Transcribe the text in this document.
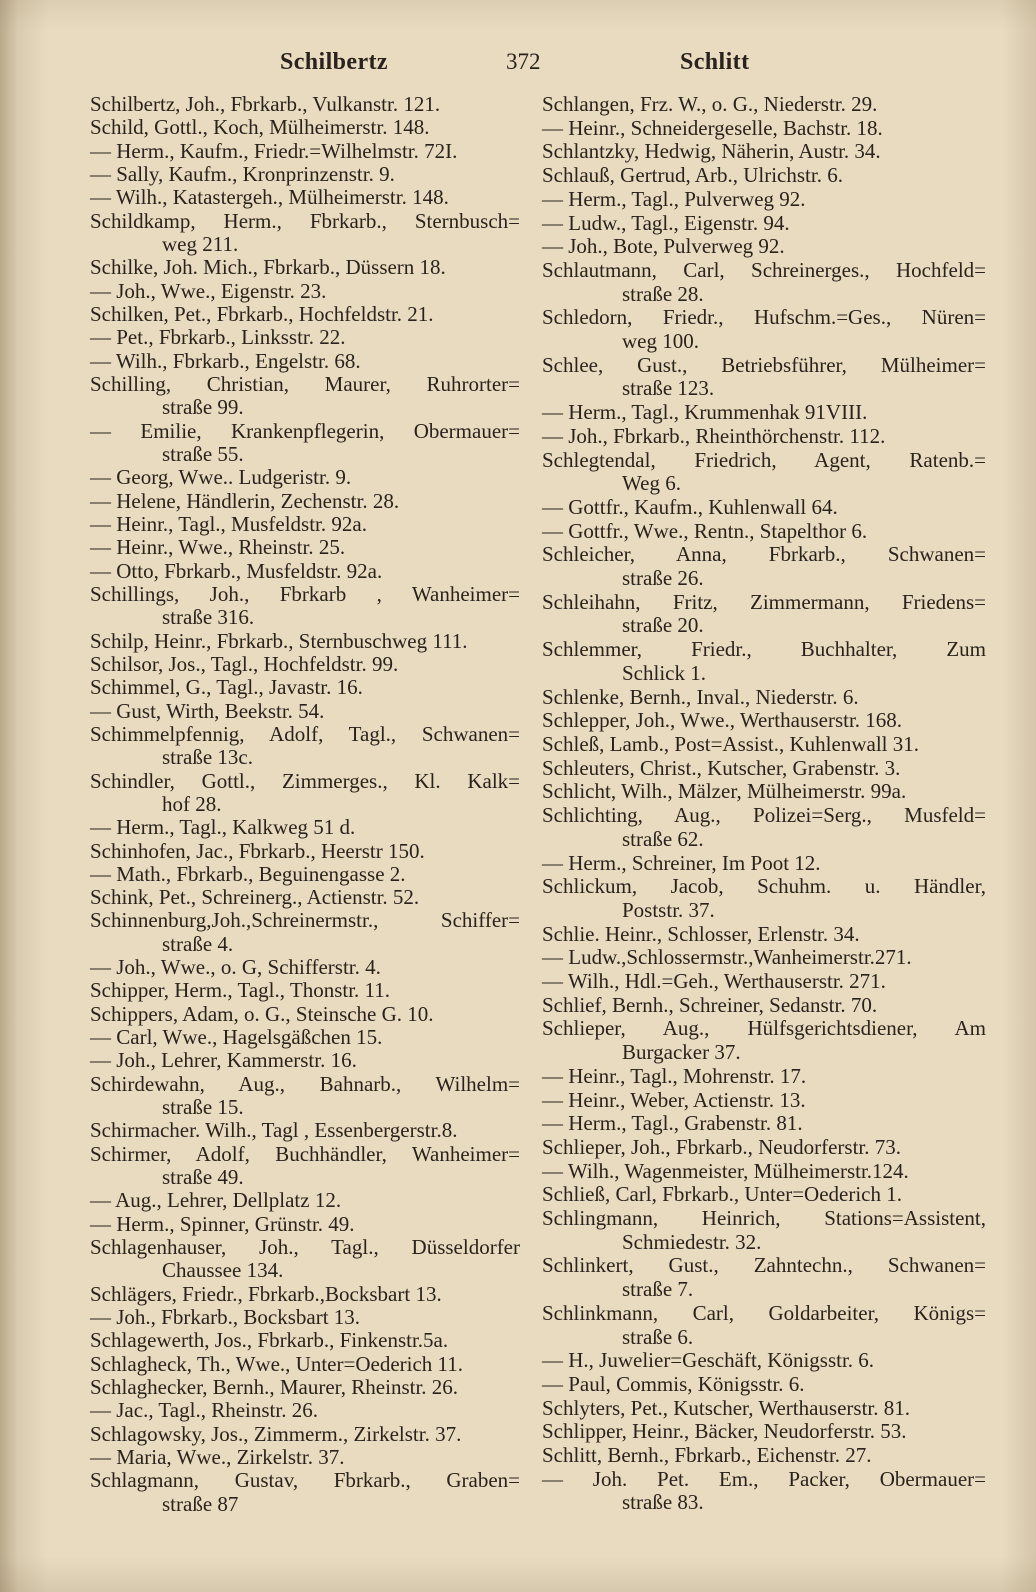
Schilbertz	372	Schlitt
Schilbertz, Joh., Fbrkarb., Vulkanstr. 121.
Schild, Gottl., Koch, Mülheimerstr. 148.
— Herm., Kaufm., Friedr.=Wilhelmstr. 72I.
— Sally, Kaufm., Kronprinzenstr. 9.
— Wilh., Katastergeh., Mülheimerstr. 148.
Schildkamp, Herm., Fbrkarb., Sternbusch=
weg 211.
Schilke, Joh. Mich., Fbrkarb., Düssern 18.
— Joh., Wwe., Eigenstr. 23.
Schilken, Pet., Fbrkarb., Hochfeldstr. 21.
— Pet., Fbrkarb., Linksstr. 22.
— Wilh., Fbrkarb., Engelstr. 68.
Schilling, Christian, Maurer, Ruhrorter=
straße 99.
— Emilie, Krankenpflegerin, Obermauer=
straße 55.
— Georg, Wwe.. Ludgeristr. 9.
— Helene, Händlerin, Zechenstr. 28.
— Heinr., Tagl., Musfeldstr. 92a.
— Heinr., Wwe., Rheinstr. 25.
— Otto, Fbrkarb., Musfeldstr. 92a.
Schillings, Joh., Fbrkarb , Wanheimer=
straße 316.
Schilp, Heinr., Fbrkarb., Sternbuschweg 111.
Schilsor, Jos., Tagl., Hochfeldstr. 99.
Schimmel, G., Tagl., Javastr. 16.
— Gust, Wirth, Beekstr. 54.
Schimmelpfennig, Adolf, Tagl., Schwanen=
straße 13c.
Schindler, Gottl., Zimmerges., Kl. Kalk=
hof 28.
— Herm., Tagl., Kalkweg 51 d.
Schinhofen, Jac., Fbrkarb., Heerstr 150.
— Math., Fbrkarb., Beguinengasse 2.
Schink, Pet., Schreinerg., Actienstr. 52.
Schinnenburg,Joh.,Schreinermstr., Schiffer=
straße 4.
— Joh., Wwe., o. G, Schifferstr. 4.
Schipper, Herm., Tagl., Thonstr. 11.
Schippers, Adam, o. G., Steinsche G. 10.
— Carl, Wwe., Hagelsgäßchen 15.
— Joh., Lehrer, Kammerstr. 16.
Schirdewahn, Aug., Bahnarb., Wilhelm=
straße 15.
Schirmacher. Wilh., Tagl , Essenbergerstr.8.
Schirmer, Adolf, Buchhändler, Wanheimer=
straße 49.
— Aug., Lehrer, Dellplatz 12.
— Herm., Spinner, Grünstr. 49.
Schlagenhauser, Joh., Tagl., Düsseldorfer
Chaussee 134.
Schlägers, Friedr., Fbrkarb.,Bocksbart 13.
— Joh., Fbrkarb., Bocksbart 13.
Schlagewerth, Jos., Fbrkarb., Finkenstr.5a.
Schlagheck, Th., Wwe., Unter=Oederich 11.
Schlaghecker, Bernh., Maurer, Rheinstr. 26.
— Jac., Tagl., Rheinstr. 26.
Schlagowsky, Jos., Zimmerm., Zirkelstr. 37.
— Maria, Wwe., Zirkelstr. 37.
Schlagmann, Gustav, Fbrkarb., Graben=
straße 87
Schlangen, Frz. W., o. G., Niederstr. 29.
— Heinr., Schneidergeselle, Bachstr. 18.
Schlantzky, Hedwig, Näherin, Austr. 34.
Schlauß, Gertrud, Arb., Ulrichstr. 6.
— Herm., Tagl., Pulverweg 92.
— Ludw., Tagl., Eigenstr. 94.
— Joh., Bote, Pulverweg 92.
Schlautmann, Carl, Schreinerges., Hochfeld=
straße 28.
Schledorn, Friedr., Hufschm.=Ges., Nüren=
weg 100.
Schlee, Gust., Betriebsführer, Mülheimer=
straße 123.
— Herm., Tagl., Krummenhak 91VIII.
— Joh., Fbrkarb., Rheinthörchenstr. 112.
Schlegtendal, Friedrich, Agent, Ratenb.=
Weg 6.
— Gottfr., Kaufm., Kuhlenwall 64.
— Gottfr., Wwe., Rentn., Stapelthor 6.
Schleicher, Anna, Fbrkarb., Schwanen=
straße 26.
Schleihahn, Fritz, Zimmermann, Friedens=
straße 20.
Schlemmer, Friedr., Buchhalter, Zum
Schlick 1.
Schlenke, Bernh., Inval., Niederstr. 6.
Schlepper, Joh., Wwe., Werthauserstr. 168.
Schleß, Lamb., Post=Assist., Kuhlenwall 31.
Schleuters, Christ., Kutscher, Grabenstr. 3.
Schlicht, Wilh., Mälzer, Mülheimerstr. 99a.
Schlichting, Aug., Polizei=Serg., Musfeld=
straße 62.
— Herm., Schreiner, Im Poot 12.
Schlickum, Jacob, Schuhm. u. Händler,
Poststr. 37.
Schlie. Heinr., Schlosser, Erlenstr. 34.
— Ludw.,Schlossermstr.,Wanheimerstr.271.
— Wilh., Hdl.=Geh., Werthauserstr. 271.
Schlief, Bernh., Schreiner, Sedanstr. 70.
Schlieper, Aug., Hülfsgerichtsdiener, Am
Burgacker 37.
— Heinr., Tagl., Mohrenstr. 17.
— Heinr., Weber, Actienstr. 13.
— Herm., Tagl., Grabenstr. 81.
Schlieper, Joh., Fbrkarb., Neudorferstr. 73.
— Wilh., Wagenmeister, Mülheimerstr.124.
Schließ, Carl, Fbrkarb., Unter=Oederich 1.
Schlingmann, Heinrich, Stations=Assistent,
Schmiedestr. 32.
Schlinkert, Gust., Zahntechn., Schwanen=
straße 7.
Schlinkmann, Carl, Goldarbeiter, Königs=
straße 6.
— H., Juwelier=Geschäft, Königsstr. 6.
— Paul, Commis, Königsstr. 6.
Schlyters, Pet., Kutscher, Werthauserstr. 81.
Schlipper, Heinr., Bäcker, Neudorferstr. 53.
Schlitt, Bernh., Fbrkarb., Eichenstr. 27.
— Joh. Pet. Em., Packer, Obermauer=
straße 83.
